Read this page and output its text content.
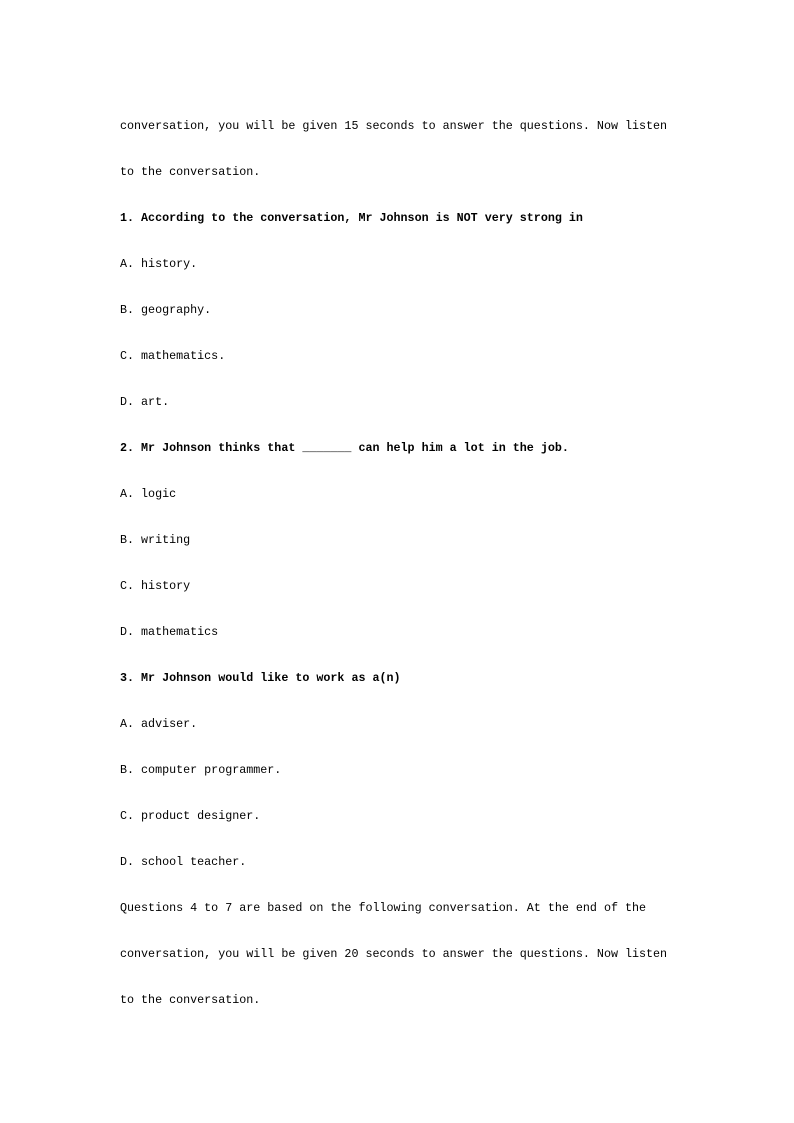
conversation, you will be given 15 seconds to answer the questions. Now listen
to the conversation.
1. According to the conversation, Mr Johnson is NOT very strong in
A. history.
B. geography.
C. mathematics.
D. art.
2. Mr Johnson thinks that _______ can help him a lot in the job.
A. logic
B. writing
C. history
D. mathematics
3. Mr Johnson would like to work as a(n)
A. adviser.
B. computer programmer.
C. product designer.
D. school teacher.
Questions 4 to 7 are based on the following conversation. At the end of the
conversation, you will be given 20 seconds to answer the questions. Now listen
to the conversation.
